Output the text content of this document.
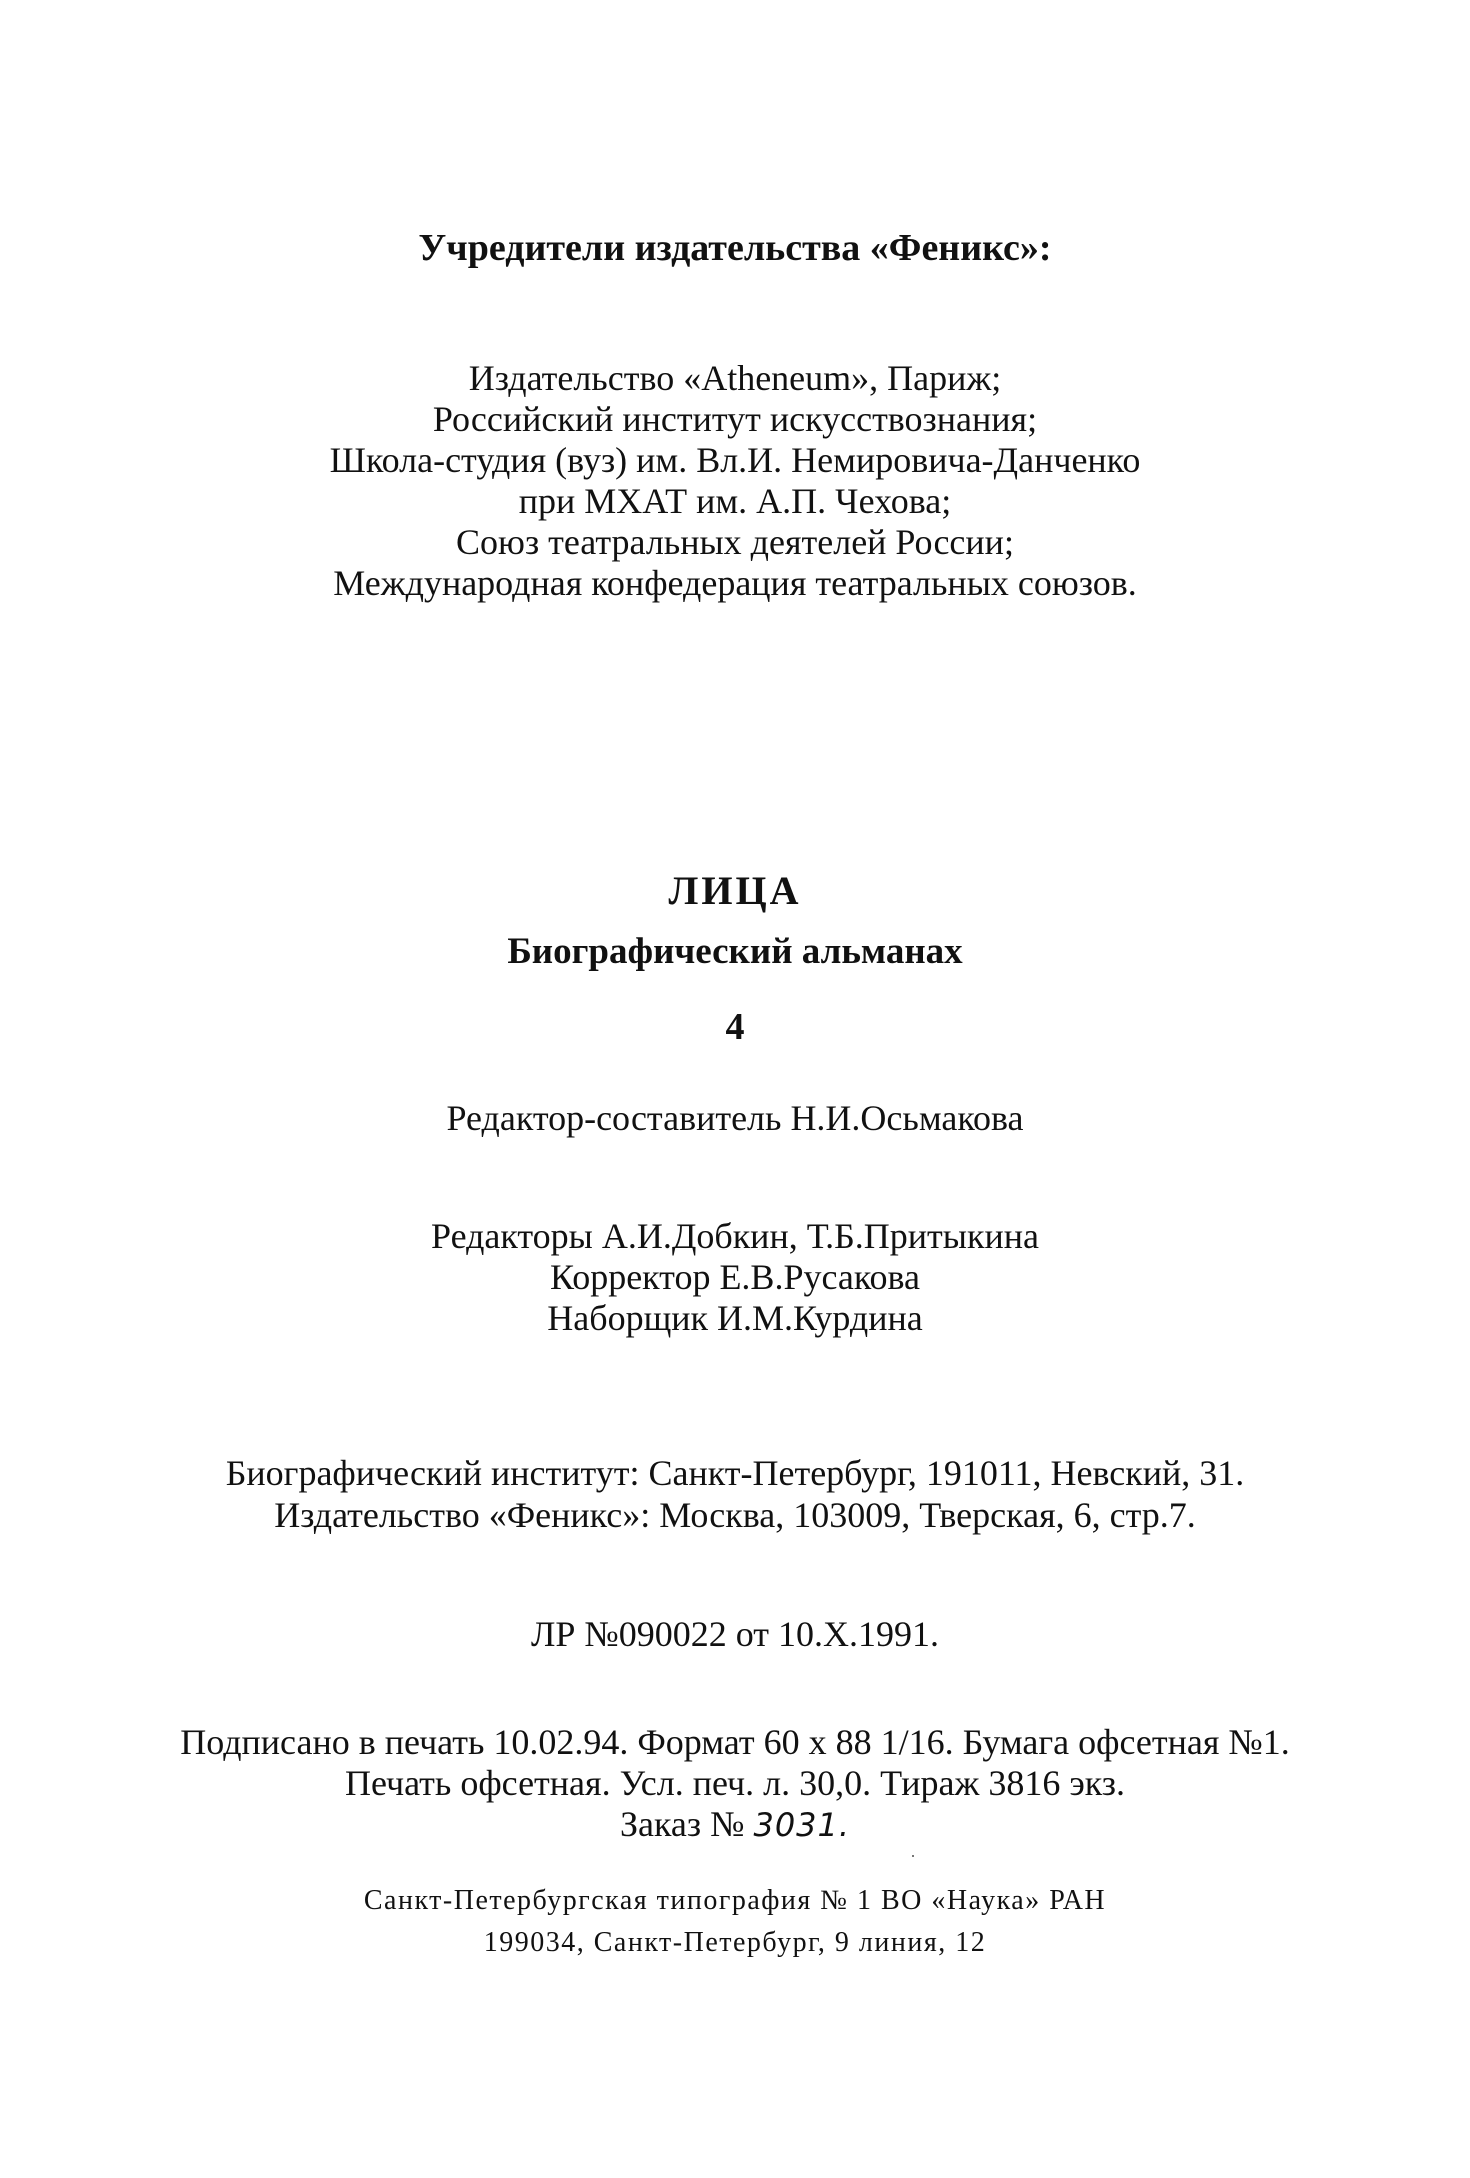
Учредители издательства «Феникс»:
Издательство «Atheneum», Париж;
Российский институт искусствознания;
Школа-студия (вуз) им. Вл.И. Немировича-Данченко
при МХАТ им. А.П. Чехова;
Союз театральных деятелей России;
Международная конфедерация театральных союзов.
ЛИЦА
Биографический альманах
4
Редактор-составитель Н.И.Осьмакова
Редакторы А.И.Добкин, Т.Б.Притыкина
Корректор Е.В.Русакова
Наборщик И.М.Курдина
Биографический институт: Санкт-Петербург, 191011, Невский, 31.
Издательство «Феникс»: Москва, 103009, Тверская, 6, стр.7.
ЛР №090022 от 10.X.1991.
Подписано в печать 10.02.94. Формат 60 х 88 1/16. Бумага офсетная №1.
Печать офсетная. Усл. печ. л. 30,0. Тираж 3816 экз.
Заказ № 3031.
Санкт-Петербургская типография № 1 ВО «Наука» РАН
199034, Санкт-Петербург, 9 линия, 12
